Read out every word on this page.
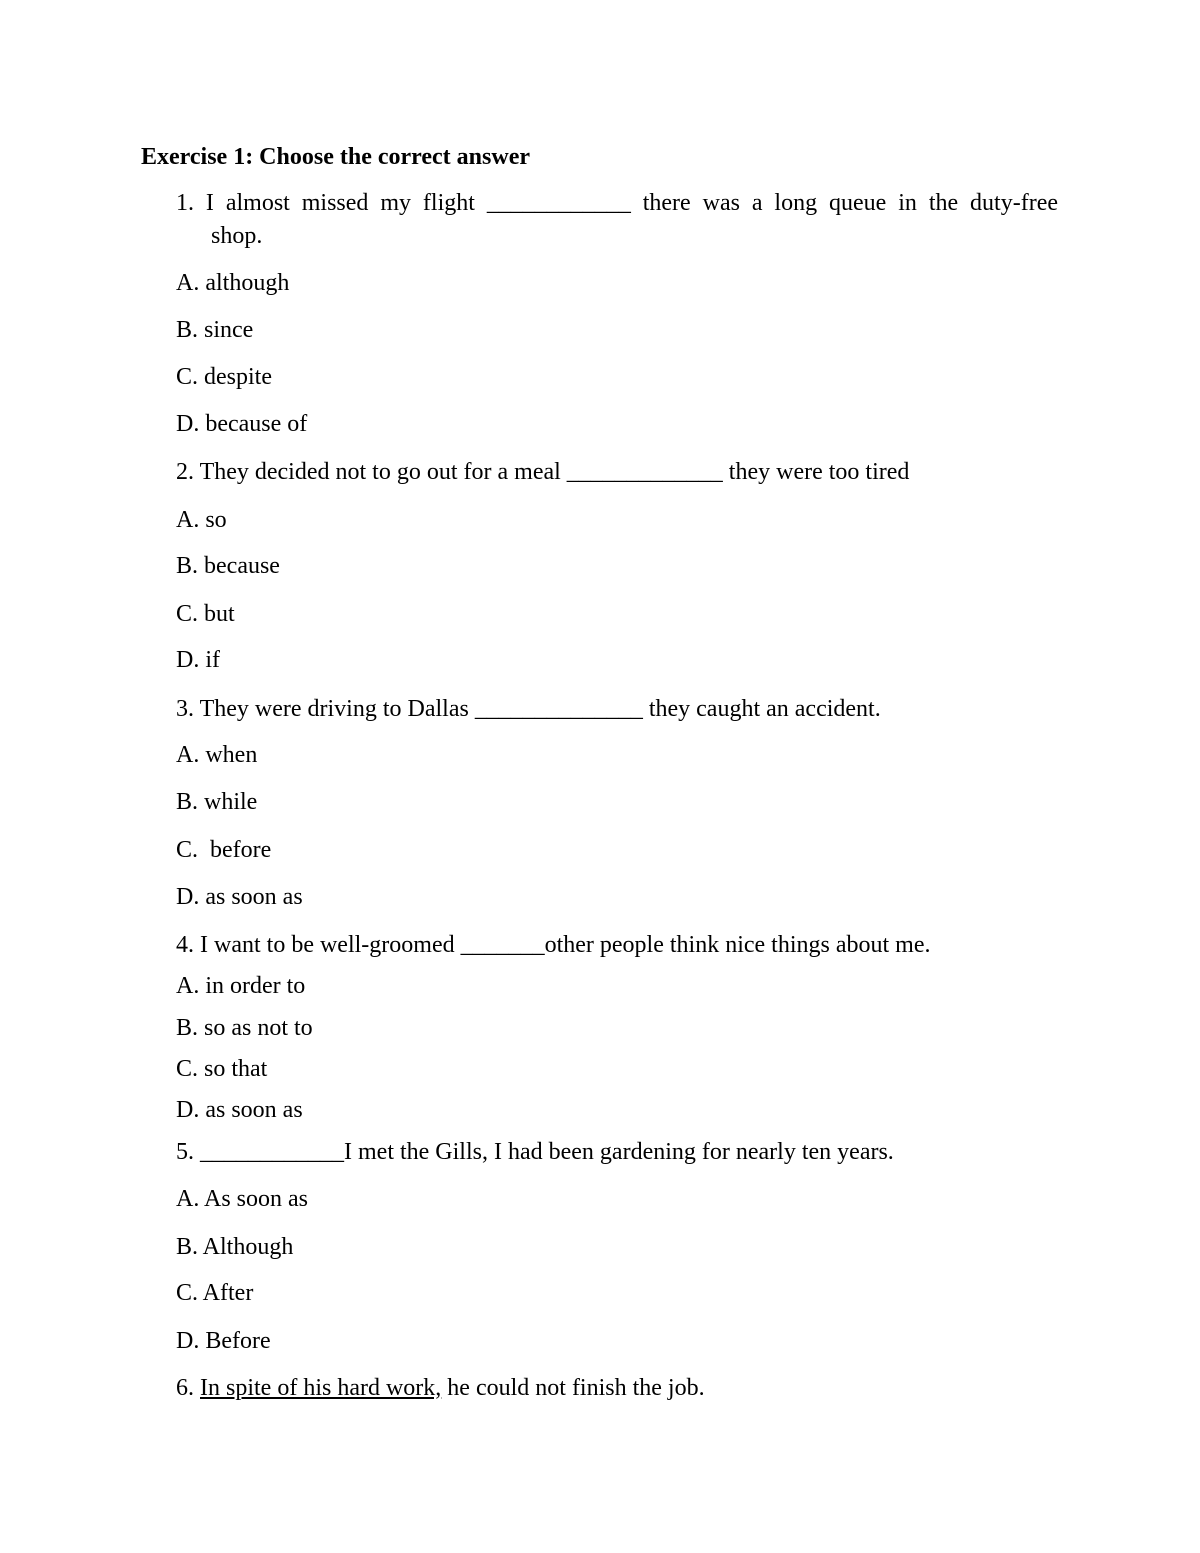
Exercise 1: Choose the correct answer

1. I almost missed my flight ____________ there was a long queue in the duty-free

shop.

A. although

B. since

C. despite

D. because of

2. They decided not to go out for a meal _____________ they were too tired

A. so

B. because

C. but

D. if

3. They were driving to Dallas ______________ they caught an accident.

A. when

B. while

C.  before

D. as soon as

4. I want to be well-groomed _______other people think nice things about me.

A. in order to

B. so as not to

C. so that

D. as soon as

5. ____________I met the Gills, I had been gardening for nearly ten years.

A. As soon as

B. Although

C. After

D. Before

6. In spite of his hard work, he could not finish the job.
